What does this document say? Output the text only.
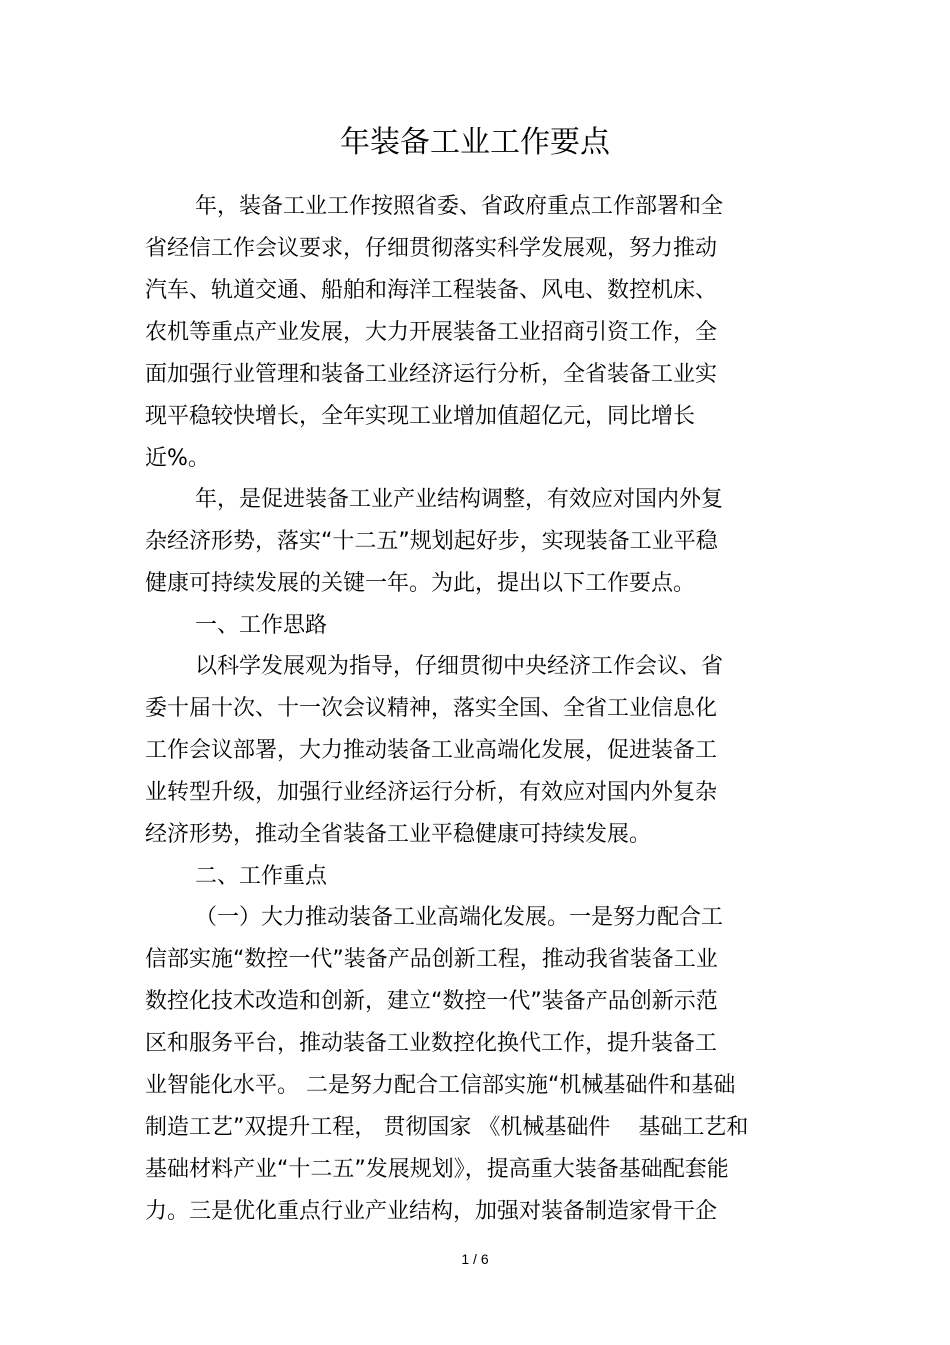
年装备工业工作要点
年，装备工业工作按照省委、省政府重点工作部署和全
省经信工作会议要求，仔细贯彻落实科学发展观，努力推动
汽车、轨道交通、船舶和海洋工程装备、风电、数控机床、
农机等重点产业发展，大力开展装备工业招商引资工作，全
面加强行业管理和装备工业经济运行分析，全省装备工业实
现平稳较快增长，全年实现工业增加值超亿元，同比增长
近%。
年，是促进装备工业产业结构调整，有效应对国内外复
杂经济形势，落实“十二五”规划起好步，实现装备工业平稳
健康可持续发展的关键一年。为此，提出以下工作要点。
一、工作思路
以科学发展观为指导，仔细贯彻中央经济工作会议、省
委十届十次、十一次会议精神，落实全国、全省工业信息化
工作会议部署，大力推动装备工业高端化发展，促进装备工
业转型升级，加强行业经济运行分析，有效应对国内外复杂
经济形势，推动全省装备工业平稳健康可持续发展。
二、工作重点
（一）大力推动装备工业高端化发展。一是努力配合工
信部实施“数控一代”装备产品创新工程，推动我省装备工业
数控化技术改造和创新，建立“数控一代”装备产品创新示范
区和服务平台，推动装备工业数控化换代工作，提升装备工
业智能化水平。 二是努力配合工信部实施“机械基础件和基础
制造工艺”双提升工程， 贯彻国家 《机械基础件    基础工艺和
基础材料产业“十二五”发展规划》，提高重大装备基础配套能
力。三是优化重点行业产业结构，加强对装备制造家骨干企
1 / 6
